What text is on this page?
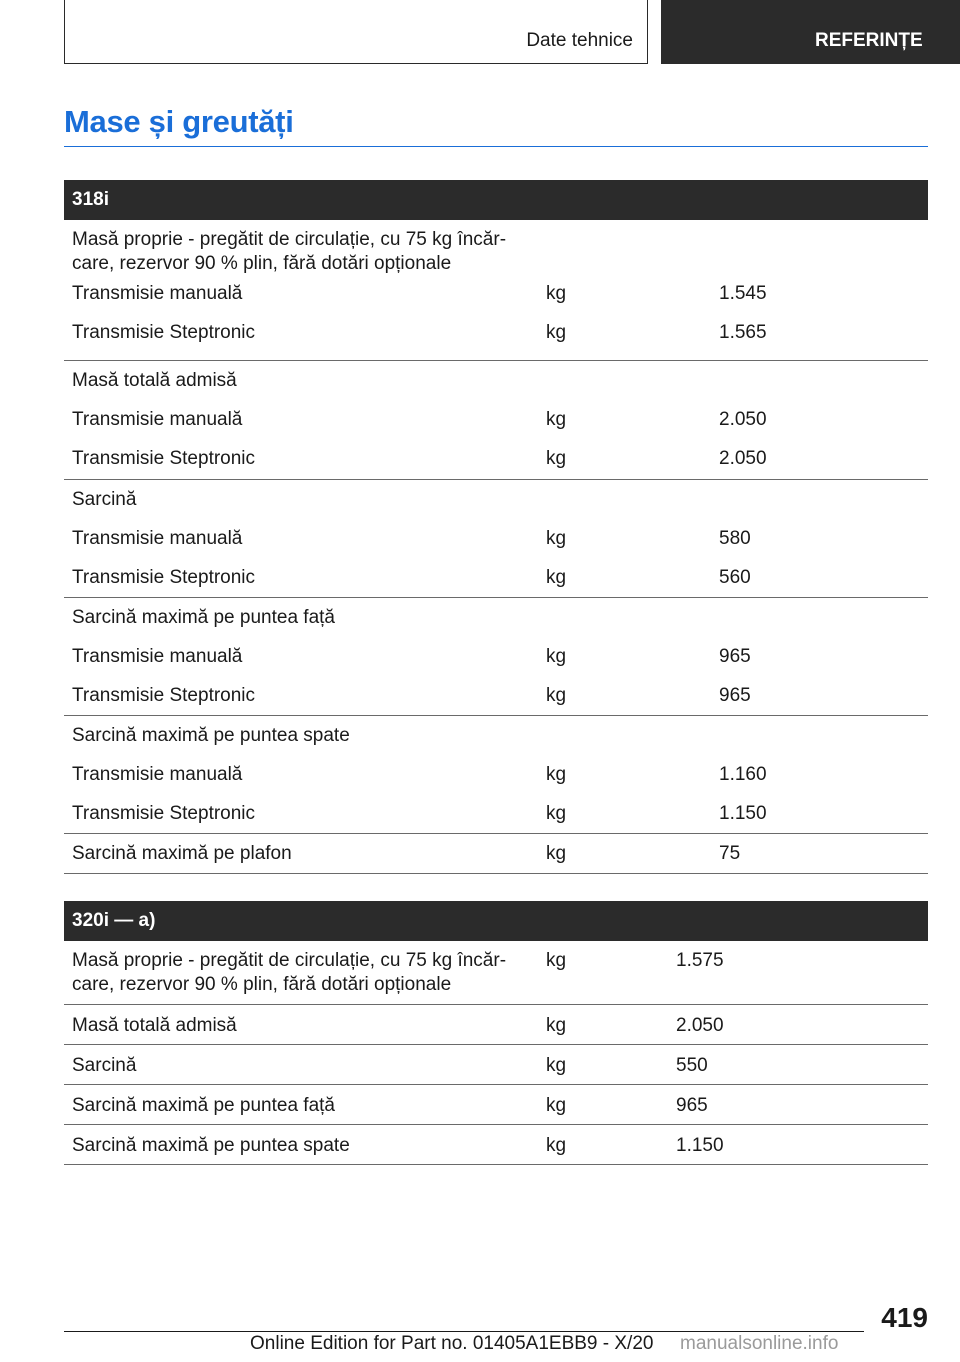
Date tehnice	REFERINȚE
Mase și greutăți
318i
Masă proprie - pregătit de circulație, cu 75 kg încăr-
care, rezervor 90 % plin, fără dotări opționale
Transmisie manuală	kg	1.545
Transmisie Steptronic	kg	1.565
Masă totală admisă
Transmisie manuală	kg	2.050
Transmisie Steptronic	kg	2.050
Sarcină
Transmisie manuală	kg	580
Transmisie Steptronic	kg	560
Sarcină maximă pe puntea față
Transmisie manuală	kg	965
Transmisie Steptronic	kg	965
Sarcină maximă pe puntea spate
Transmisie manuală	kg	1.160
Transmisie Steptronic	kg	1.150
Sarcină maximă pe plafon	kg	75
320i — a)
Masă proprie - pregătit de circulație, cu 75 kg încăr-
care, rezervor 90 % plin, fără dotări opționale
kg	1.575
Masă totală admisă	kg	2.050
Sarcină	kg	550
Sarcină maximă pe puntea față	kg	965
Sarcină maximă pe puntea spate	kg	1.150
419
Online Edition for Part no. 01405A1EBB9 - X/20 manualsonline.info
